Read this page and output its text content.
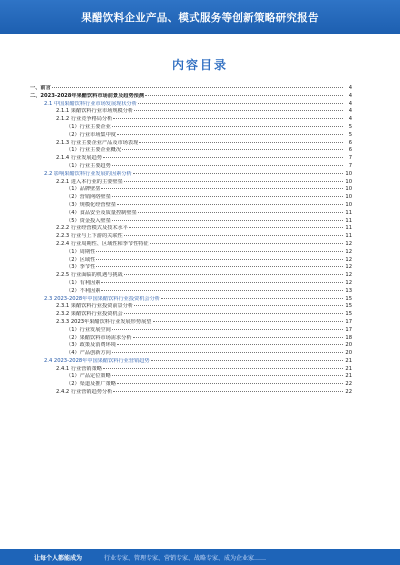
果醋饮料企业产品、模式服务等创新策略研究报告
内容目录
一、前言	4
二、2023-2028年果醋饮料市场前景及趋势预测	4
2.1 中国果醋饮料行业市场发展现状分析	4
2.1.1 果醋饮料行业市场规模分析	4
2.1.2 行业竞争格局分析	4
（1）行业主要企业	5
（2）行业市场集中度	5
2.1.3 行业主要企业产品及市场表现	6
（1）行业主要企业概况	6
2.1.4 行业发展趋势	7
（1）行业主要趋势	7
2.2 影响果醋饮料行业发展的因素分析	10
2.2.1 进入本行业的主要壁垒	10
（1）品牌壁垒	10
（2）营销网络壁垒	10
（3）规模化经营壁垒	10
（4）食品安全及质量控制壁垒	11
（5）资金投入壁垒	11
2.2.2 行业经营模式及技术水平	11
2.2.3 行业与上下游的关联性	11
2.2.4 行业周期性、区域性和季节性特征	12
（1）周期性	12
（2）区域性	12
（3）季节性	12
2.2.5 行业面临的机遇与挑战	12
（1）有利因素	12
（2）不利因素	13
2.3 2023-2028年中国果醋饮料行业投资机会分析	15
2.3.1 果醋饮料行业投资前景分析	15
2.3.2 果醋饮料行业投资机会	15
2.3.3 2023年果醋饮料行业发展形势展望	17
（1）行业发展空间	17
（2）果醋饮料市场需求分析	18
（3）政策及消费环境	20
（4）产品创新方向	20
2.4 2023-2028年中国果醋饮料行业营销趋势	21
2.4.1 行业营销策略	21
（1）产品定位策略	21
（2）渠道及推广策略	22
2.4.2 行业营销趋势分析	22
让每个人都能成为	行业专家、管理专家、营销专家、战略专家、成为企业家……
